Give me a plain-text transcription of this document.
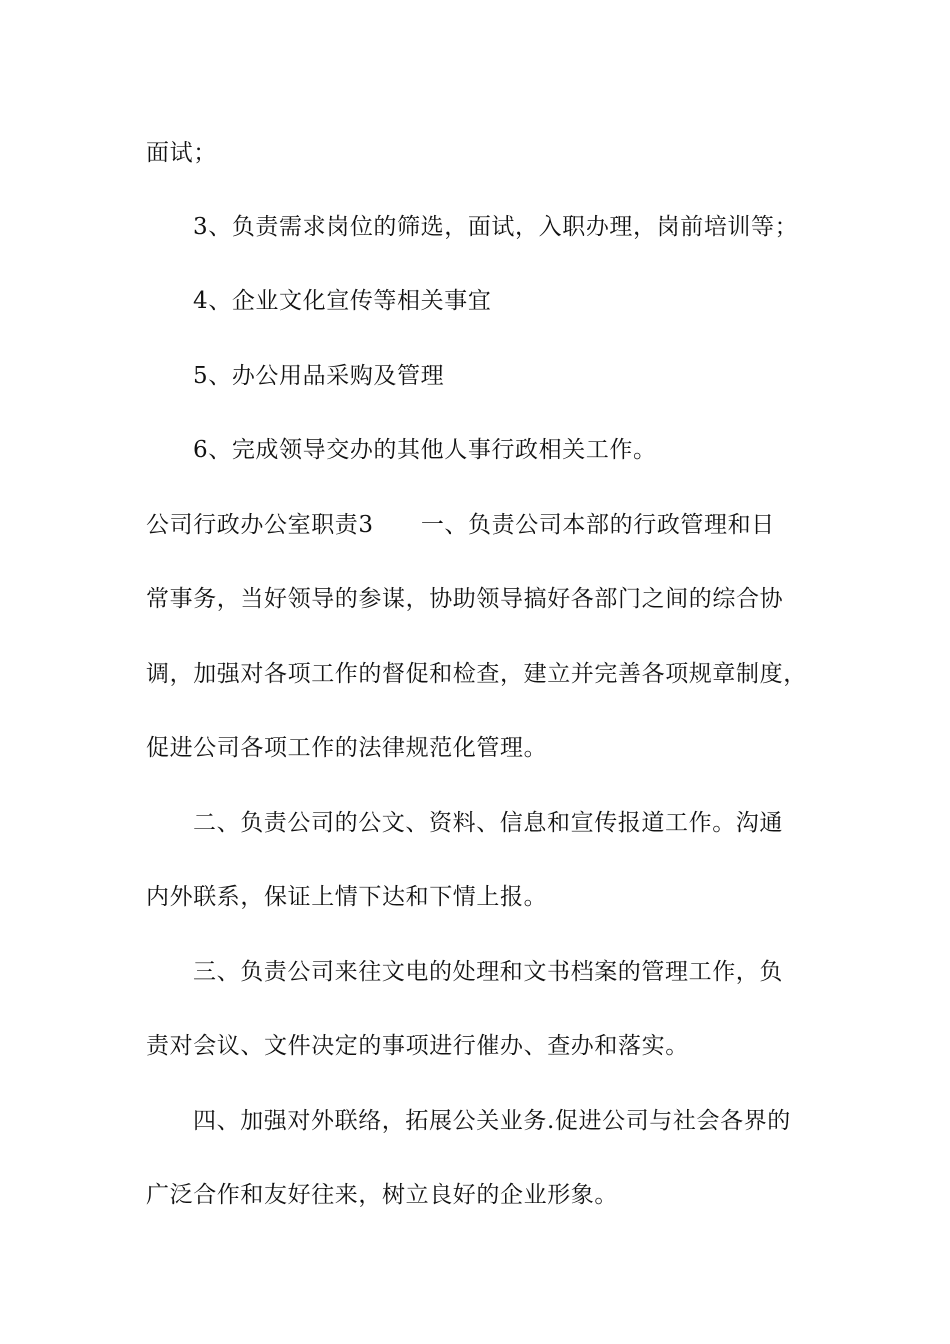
面试；
3、负责需求岗位的筛选，面试，入职办理，岗前培训等；
4、企业文化宣传等相关事宜
5、办公用品采购及管理
6、完成领导交办的其他人事行政相关工作。
公司行政办公室职责3　　一、负责公司本部的行政管理和日
常事务，当好领导的参谋，协助领导搞好各部门之间的综合协
调，加强对各项工作的督促和检查，建立并完善各项规章制度，
促进公司各项工作的法律规范化管理。
二、负责公司的公文、资料、信息和宣传报道工作。沟通
内外联系，保证上情下达和下情上报。
三、负责公司来往文电的处理和文书档案的管理工作，负
责对会议、文件决定的事项进行催办、查办和落实。
四、加强对外联络，拓展公关业务.促进公司与社会各界的
广泛合作和友好往来，树立良好的企业形象。
